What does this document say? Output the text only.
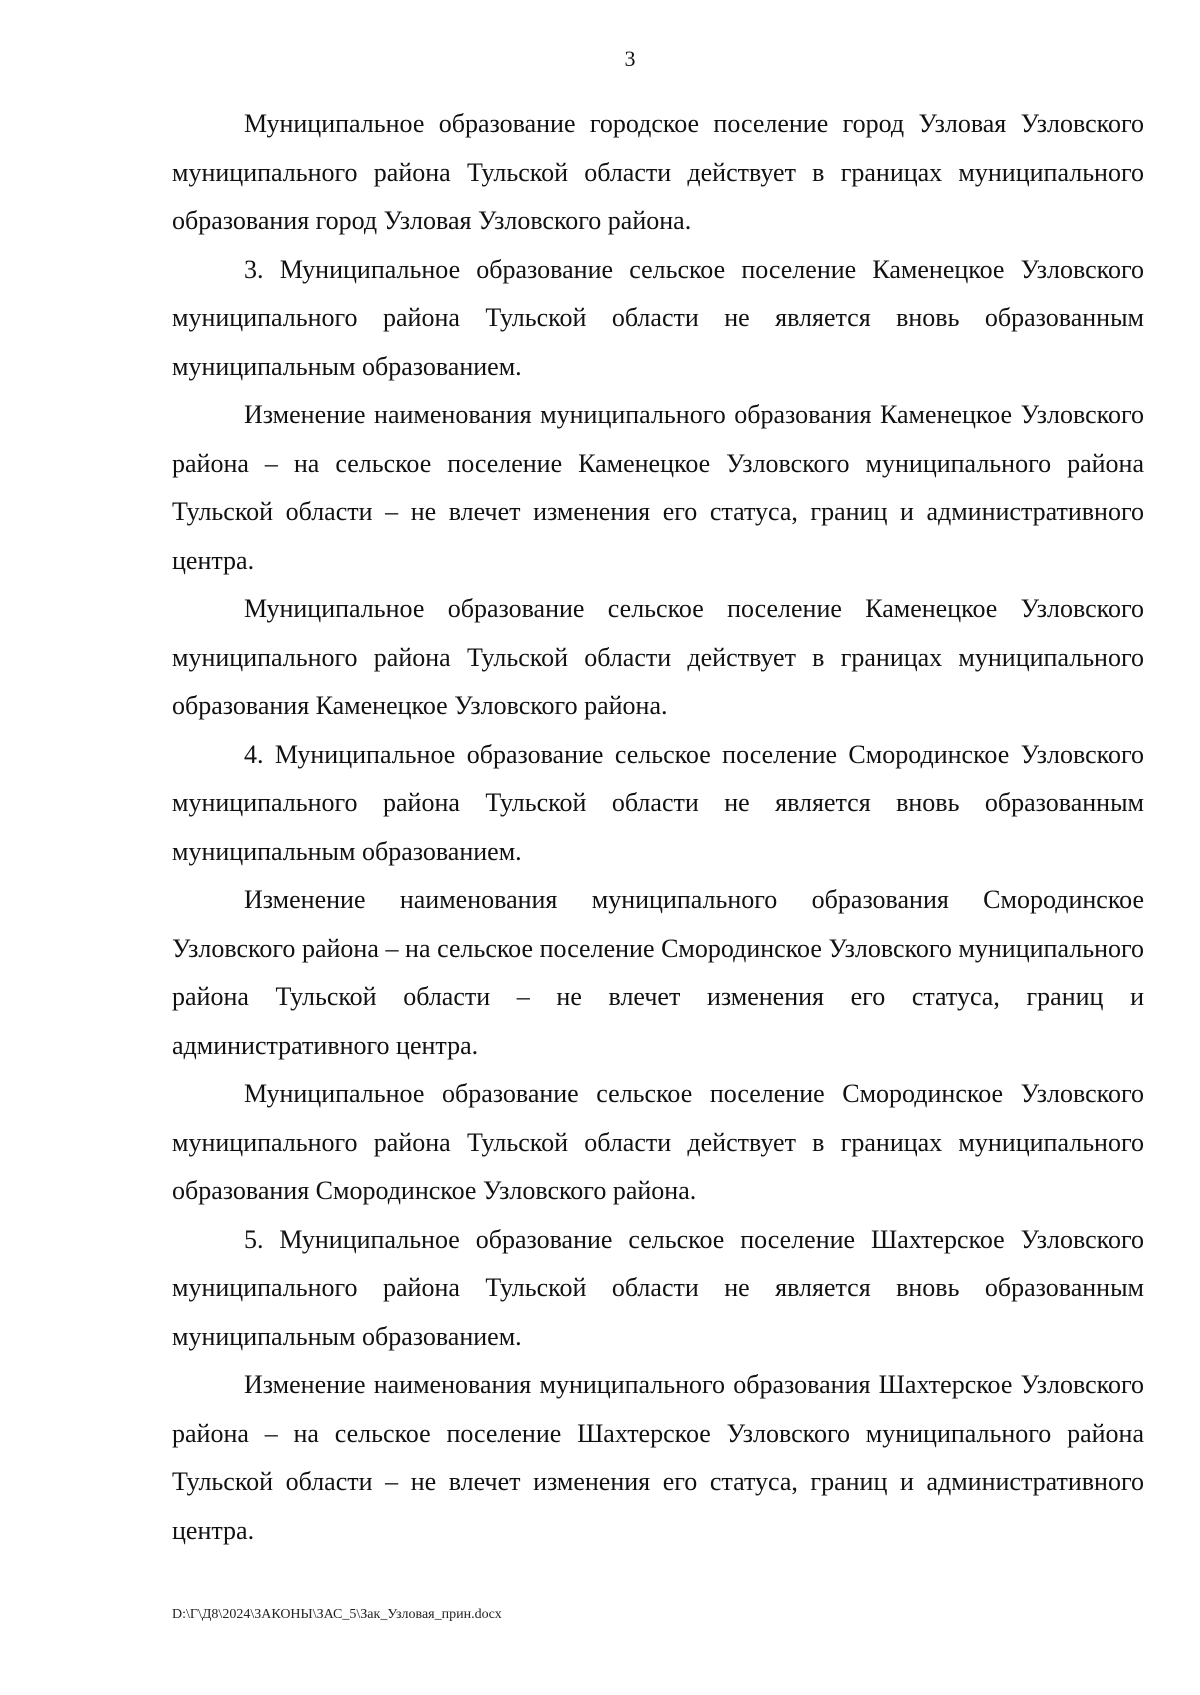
3

Муниципальное образование городское поселение город Узловая Узловского муниципального района Тульской области действует в границах муниципального образования город Узловая Узловского района.

3. Муниципальное образование сельское поселение Каменецкое Узловского муниципального района Тульской области не является вновь образованным муниципальным образованием.

Изменение наименования муниципального образования Каменецкое Узловского района – на сельское поселение Каменецкое Узловского муниципального района Тульской области – не влечет изменения его статуса, границ и административного центра.

Муниципальное образование сельское поселение Каменецкое Узловского муниципального района Тульской области действует в границах муниципального образования Каменецкое Узловского района.

4. Муниципальное образование сельское поселение Смородинское Узловского муниципального района Тульской области не является вновь образованным муниципальным образованием.

Изменение наименования муниципального образования Смородинское Узловского района – на сельское поселение Смородинское Узловского муниципального района Тульской области – не влечет изменения его статуса, границ и административного центра.

Муниципальное образование сельское поселение Смородинское Узловского муниципального района Тульской области действует в границах муниципального образования Смородинское Узловского района.

5. Муниципальное образование сельское поселение Шахтерское Узловского муниципального района Тульской области не является вновь образованным муниципальным образованием.

Изменение наименования муниципального образования Шахтерское Узловского района – на сельское поселение Шахтерское Узловского муниципального района Тульской области – не влечет изменения его статуса, границ и административного центра.

D:\Г\Д8\2024\ЗАКОНЫ\ЗАС_5\Зак_Узловая_прин.docx
